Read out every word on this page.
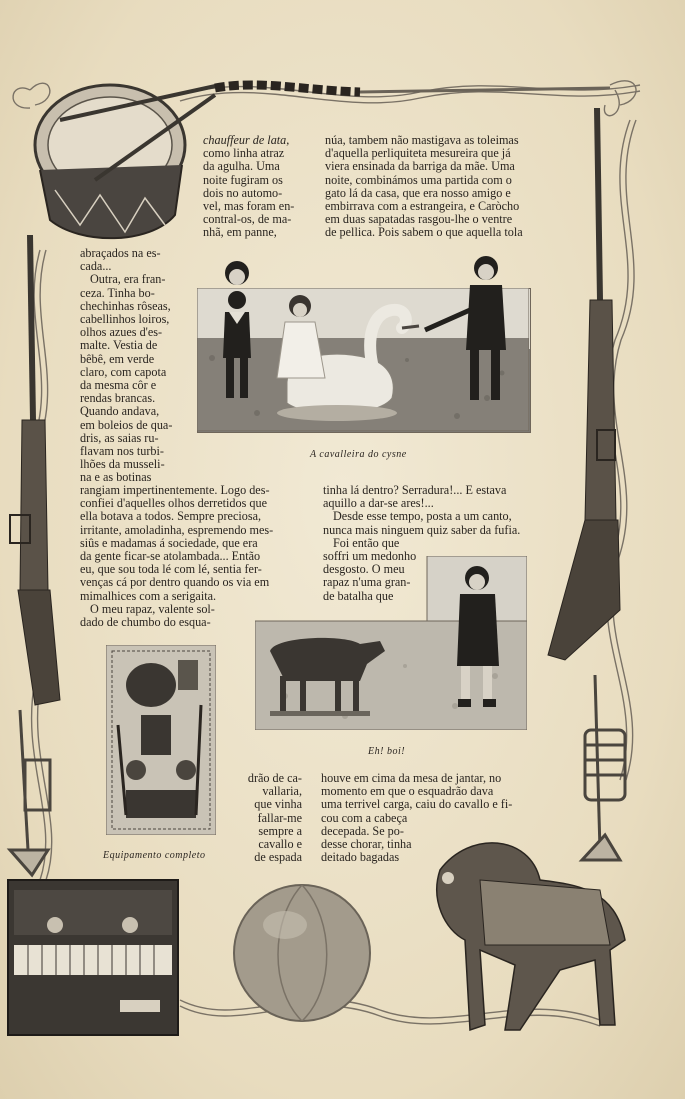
chauffeur de lata,
como linha atraz
da agulha. Uma
noite fugiram os
dois no automo-
vel, mas foram en-
contral-os, de ma-
nhã, em panne,
núa, tambem não mastigava as toleimas
d'aquella perliquiteta mesureira que já
viera ensinada da barriga da mãe. Uma
noite, combinámos uma partida com o
gato lá da casa, que era nosso amigo e
embirrava com a estrangeira, e Caròcho
em duas sapatadas rasgou-lhe o ventre
de pellica. Pois sabem o que aquella tola
abraçados na es-
cada...
Outra, era fran-
ceza. Tinha bo-
chechinhas rôseas,
cabellinhos loiros,
olhos azues d'es-
malte. Vestia de
bêbê, em verde
claro, com capota
da mesma côr e
rendas brancas.
Quando andava,
em boleios de qua-
dris, as saias ru-
flavam nos turbi-
lhões da musseli-
na e as botinas
A cavalleira do cysne
rangiam impertinentemente. Logo des-
confiei d'aquelles olhos derretidos que
ella botava a todos. Sempre preciosa,
irritante, amoladinha, espremendo mes-
siûs e madamas á sociedade, que era
da gente ficar-se atolambada... Então
eu, que sou toda lé com lé, sentia fer-
venças cá por dentro quando os via em
mimalhices com a serigaita.
O meu rapaz, valente sol-
dado de chumbo do esqua-
tinha lá dentro? Serradura!... E estava
aquillo a dar-se ares!...
Desde esse tempo, posta a um canto,
nunca mais ninguem quiz saber da fufia.
Foi então que
soffri um medonho
desgosto. O meu
rapaz n'uma gran-
de batalha que
Eh! boi!
Equipamento completo
drão de ca-
vallaria,
que vinha
fallar-me
sempre a
cavallo e
de espada
houve em cima da mesa de jantar, no
momento em que o esquadrão dava
uma terrivel carga, caiu do cavallo e fi-
cou com a cabeça
decepada. Se po-
desse chorar, tinha
deitado bagadas
